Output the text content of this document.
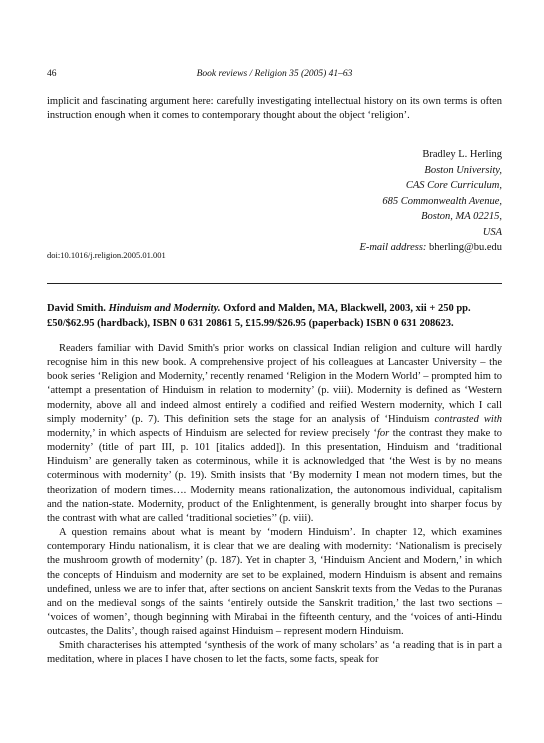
46	Book reviews / Religion 35 (2005) 41–63

implicit and fascinating argument here: carefully investigating intellectual history on its own terms is often instruction enough when it comes to contemporary thought about the object ‘religion’.

Bradley L. Herling
Boston University,
CAS Core Curriculum,
685 Commonwealth Avenue,
Boston, MA 02215,
USA
E-mail address: bherling@bu.edu
doi:10.1016/j.religion.2005.01.001

David Smith. Hinduism and Modernity. Oxford and Malden, MA, Blackwell, 2003, xii + 250 pp. £50/$62.95 (hardback), ISBN 0 631 20861 5, £15.99/$26.95 (paperback) ISBN 0 631 208623.

Readers familiar with David Smith's prior works on classical Indian religion and culture will hardly recognise him in this new book. A comprehensive project of his colleagues at Lancaster University – the book series ‘Religion and Modernity,’ recently renamed ‘Religion in the Modern World’ – prompted him to ‘attempt a presentation of Hinduism in relation to modernity’ (p. viii). Modernity is defined as ‘Western modernity, above all and indeed almost entirely a codified and reified Western modernity, which I call simply modernity’ (p. 7). This definition sets the stage for an analysis of ‘Hinduism contrasted with modernity,’ in which aspects of Hinduism are selected for review precisely ‘for the contrast they make to modernity’ (title of part III, p. 101 [italics added]). In this presentation, Hinduism and ‘traditional Hinduism’ are generally taken as coterminous, while it is acknowledged that ‘the West is by no means coterminous with modernity’ (p. 19). Smith insists that ‘By modernity I mean not modern times, but the theorization of modern times…. Modernity means rationalization, the autonomous individual, capitalism and the nation-state. Modernity, product of the Enlightenment, is generally brought into sharper focus by the contrast with what are called ‘traditional societies’’ (p. viii).

A question remains about what is meant by ‘modern Hinduism’. In chapter 12, which examines contemporary Hindu nationalism, it is clear that we are dealing with modernity: ‘Nationalism is precisely the mushroom growth of modernity’ (p. 187). Yet in chapter 3, ‘Hinduism Ancient and Modern,’ in which the concepts of Hinduism and modernity are set to be explained, modern Hinduism is absent and remains undefined, unless we are to infer that, after sections on ancient Sanskrit texts from the Vedas to the Puranas and on the medieval songs of the saints ‘entirely outside the Sanskrit tradition,’ the last two sections – ‘voices of women’, though beginning with Mirabai in the fifteenth century, and the ‘voices of anti-Hindu outcastes, the Dalits’, though raised against Hinduism – represent modern Hinduism.

Smith characterises his attempted ‘synthesis of the work of many scholars’ as ‘a reading that is in part a meditation, where in places I have chosen to let the facts, some facts, speak for
